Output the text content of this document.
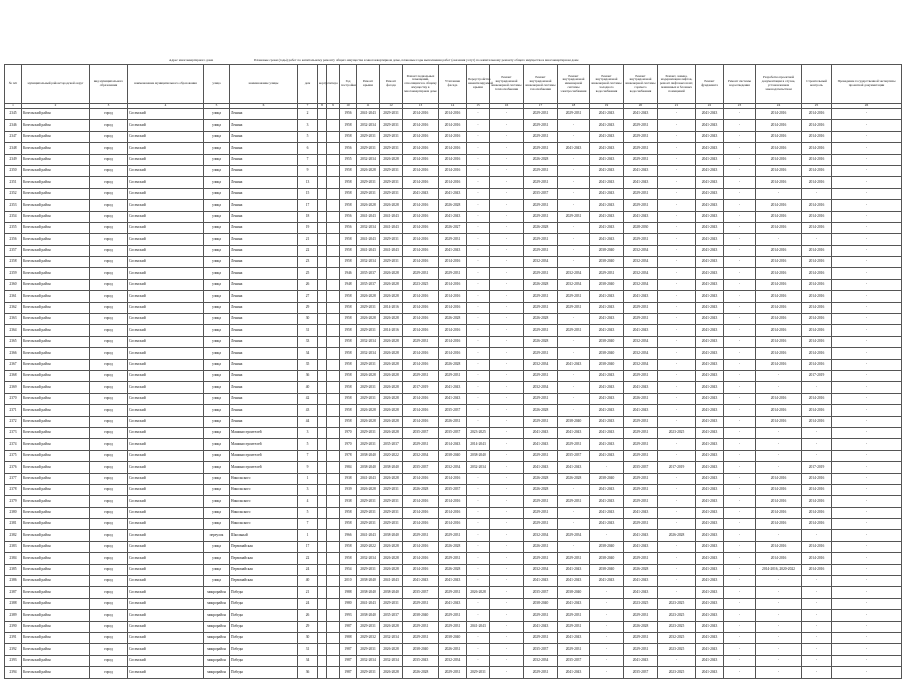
Адрес многоквартирного дома	Плановые сроки (годы) работ по капитальному ремонту общего имущества в многоквартирном доме, плановые годы выполнения работ (оказания услуг) по капитальному ремонту общего имущества в многоквартирном доме
№ п/п	муниципальный район/городской округ	вид муниципального образования	наименование муниципального образования	улица	наименование улицы	дом	корпус	литера	Год постройки	Ремонт крыши	Ремонт фасада	Ремонт подвальных помещений, относящихся к общему имуществу в многоквартирном доме	Утепление фасада	Переустройство невентилируемой крыши	Ремонт внутридомовой инженерной системы теплоснабжения	Ремонт внутридомовой инженерной системы газоснабжения	Ремонт внутридомовой инженерной системы электроснабжения	Ремонт внутридомовой инженерной системы холодного водоснабжения	Ремонт внутридомовой инженерной системы горячего водоснабжения	Ремонт, замена, модернизация лифтов, ремонт лифтовых шахт, машинных и блочных помещений	Ремонт фундамента	Ремонт системы водоотведения	Разработка проектной документации в случае, установленном законодательством	Строительный контроль	Проведение государственной экспертизы проектной документации
1	2	3	4	5	6	7	8	9	10	11	12	13	14	15	16	17	18	19	20	21	22	23	24	25	26
2345	Козельский район	город	Сосенский	улица	Ленина	2			1956	2041-2043	2029-2031	2014-2016	2014-2016	-	-	2029-2031	2029-2031	2041-2043	2041-2043	-	2041-2043	-	2014-2016	2014-2016	-
2346	Козельский район	город	Сосенский	улица	Ленина	3			1958	2032-2034	2029-2031	2014-2016	2014-2016	-	-	2029-2031	-	2041-2043	2029-2031	-	2041-2043	-	2014-2016	2014-2016	-
2347	Козельский район	город	Сосенский	улица	Ленина	5			1958	2029-2031	2029-2031	2014-2016	2014-2016	-	-	2029-2031	-	2041-2043	2029-2031	-	2041-2043	-	2014-2016	2014-2016	-
2348	Козельский район	город	Сосенский	улица	Ленина	6			1956	2029-2031	2029-2031	2014-2016	2014-2016	-	-	2029-2031	2041-2043	2041-2043	2029-2031	-	2041-2043	-	2014-2016	2014-2016	-
2349	Козельский район	город	Сосенский	улица	Ленина	7			1955	2032-2034	2026-2028	2014-2016	2014-2016	-	-	2026-2028	-	2041-2043	2029-2031	-	2041-2043	-	2014-2016	2014-2016	-
2350	Козельский район	город	Сосенский	улица	Ленина	9			1958	2026-2028	2029-2031	2014-2016	2014-2016	-	-	2029-2031	-	2041-2043	2041-2043	-	2041-2043	-	2014-2016	2014-2016	-
2351	Козельский район	город	Сосенский	улица	Ленина	13			1958	2029-2031	2029-2031	2014-2016	2014-2016	-	-	2029-2031	-	2041-2043	2041-2043	-	2041-2043	-	2014-2016	2014-2016	-
2352	Козельский район	город	Сосенский	улица	Ленина	15			1958	2029-2031	2029-2031	2041-2043	2041-2043	-	-	2035-2037	-	2041-2043	2029-2031	-	2041-2043	-	-	-	-
2353	Козельский район	город	Сосенский	улица	Ленина	17			1958	2026-2028	2026-2028	2014-2016	2026-2028	-	-	2029-2031	-	2041-2043	2029-2031	-	2041-2043	-	2014-2016	2014-2016	-
2354	Козельский район	город	Сосенский	улица	Ленина	18			1956	2041-2043	2041-2043	2014-2016	2041-2043	-	-	2029-2031	2029-2031	2041-2043	2041-2043	-	2041-2043	-	2014-2016	2014-2016	-
2355	Козельский район	город	Сосенский	улица	Ленина	19			1956	2032-2034	2041-2043	2014-2016	2026-2027	-	-	2026-2028	-	2041-2043	2028-2030	-	2041-2043	-	2014-2016	2014-2016	-
2356	Козельский район	город	Сосенский	улица	Ленина	21			1958	2041-2043	2029-2031	2014-2016	2029-2031	-	-	2029-2031	-	2041-2043	2029-2031	-	2041-2043	-	-	-	-
2357	Козельский район	город	Сосенский	улица	Ленина	22			1958	2041-2043	2041-2043	2014-2016	2041-2043	-	-	2029-2031	-	2038-2040	2032-2034	-	2041-2043	-	2014-2016	2014-2016	-
2358	Козельский район	город	Сосенский	улица	Ленина	23			1958	2032-2034	2029-2031	2014-2016	2014-2016	-	-	2032-2034	-	2038-2040	2032-2034	-	2041-2043	-	2014-2016	2014-2016	-
2359	Козельский район	город	Сосенский	улица	Ленина	25			1946	2035-2037	2026-2028	2029-2031	2029-2031	-	-	2029-2031	2032-2034	2029-2031	2032-2034	-	2041-2043	-	2014-2016	2014-2016	-
2360	Козельский район	город	Сосенский	улица	Ленина	26			1948	2035-2037	2026-2028	2023-2025	2014-2016	-	-	2026-2028	2032-2034	2038-2040	2032-2034	-	2041-2043	-	2014-2016	2014-2016	-
2361	Козельский район	город	Сосенский	улица	Ленина	27			1958	2026-2028	2026-2028	2014-2016	2014-2016	-	-	2029-2031	2029-2031	2041-2043	2041-2043	-	2041-2043	-	2014-2016	2014-2016	-
2362	Козельский район	город	Сосенский	улица	Ленина	29			1958	2029-2031	2014-2016	2014-2016	2014-2016	-	-	2029-2031	2029-2031	2041-2043	2029-2031	-	2041-2043	-	2014-2016	2014-2016	-
2363	Козельский район	город	Сосенский	улица	Ленина	30			1958	2026-2028	2026-2028	2014-2016	2026-2028	-	-	2026-2028	-	2041-2043	2029-2031	-	2041-2043	-	2014-2016	2014-2016	-
2364	Козельский район	город	Сосенский	улица	Ленина	31			1958	2029-2031	2014-2016	2014-2016	2014-2016	-	-	2029-2031	2029-2031	2041-2043	2041-2043	-	2041-2043	-	2014-2016	2014-2016	-
2365	Козельский район	город	Сосенский	улица	Ленина	33			1958	2032-2034	2026-2028	2029-2031	2014-2016	-	-	2026-2028	-	2038-2040	2032-2034	-	2041-2043	-	2014-2016	2014-2016	-
2366	Козельский район	город	Сосенский	улица	Ленина	34			1958	2032-2034	2026-2028	2014-2016	2014-2016	-	-	2029-2031	-	2038-2040	2032-2034	-	2041-2043	-	2014-2016	2014-2016	-
2367	Козельский район	город	Сосенский	улица	Ленина	35			1958	2029-2031	2026-2028	2014-2016	2026-2028	-	-	2032-2034	2041-2043	2038-2040	2032-2034	-	2041-2043	-	2014-2016	2014-2016	-
2368	Козельский район	город	Сосенский	улица	Ленина	36			1958	2026-2028	2026-2028	2029-2031	2029-2031	-	-	2029-2031	-	2041-2043	2029-2031	-	2041-2043	-	-	2017-2019	-
2369	Козельский район	город	Сосенский	улица	Ленина	40			1958	2029-2031	2026-2028	2017-2019	2041-2043	-	-	2032-2034	-	2041-2043	2041-2043	-	2041-2043	-	-	-	-
2370	Козельский район	город	Сосенский	улица	Ленина	42			1958	2029-2031	2026-2028	2014-2016	2041-2043	-	-	2029-2031	-	2041-2043	2026-2031	-	2041-2043	-	2014-2016	2014-2016	-
2371	Козельский район	город	Сосенский	улица	Ленина	43			1958	2026-2028	2026-2028	2014-2016	2035-2037	-	-	2026-2028	-	2041-2043	2041-2043	-	2041-2043	-	2014-2016	2014-2016	-
2372	Козельский район	город	Сосенский	улица	Ленина	44			1958	2026-2028	2026-2028	2014-2016	2026-2031	-	-	2029-2031	2038-2040	2041-2043	2029-2031	-	2041-2043	-	2014-2016	2014-2016	-
2373	Козельский район	город	Сосенский	улица	Машиностроителей	3			1970	2029-2031	2026-2028	2035-2037	2035-2037	2023-2025	-	2041-2043	2041-2043	2041-2043	2029-2031	2023-2025	2041-2043	-	-	-	-
2374	Козельский район	город	Сосенский	улица	Машиностроителей	5			1970	2029-2031	2035-2037	2029-2031	2014-2043	2014-2043	-	2041-2043	2029-2031	2041-2043	2029-2031	-	2041-2043	-	-	-	-
2375	Козельский район	город	Сосенский	улица	Машиностроителей	7			1978	2038-2040	2020-2022	2032-2034	2038-2040	2038-2040	-	2029-2031	2035-2037	2041-2043	2029-2031	-	2041-2043	-	-	-	-
2376	Козельский район	город	Сосенский	улица	Машиностроителей	9			1984	2038-2040	2038-2040	2035-2037	2032-2034	2032-2034	-	2041-2043	2041-2043	-	2035-2037	2017-2019	2041-2043	-	-	2017-2019	-
2377	Козельский район	город	Сосенский	улица	Никольского	1			1938	2041-2043	2026-2028	2014-2016	2014-2016	-	-	2026-2028	2026-2028	2038-2040	2029-2031	-	2041-2043	-	2014-2016	2014-2016	-
2378	Козельский район	город	Сосенский	улица	Никольского	3			1939	2026-2028	2029-2031	2026-2028	2035-2037	-	-	2026-2028	-	2041-2043	2029-2031	-	2041-2043	-	2014-2016	2014-2016	-
2379	Козельский район	город	Сосенский	улица	Никольского	4			1938	2029-2031	2029-2031	2014-2016	2014-2016	-	-	2029-2031	2029-2031	2041-2043	2029-2031	-	2041-2043	-	2014-2016	2014-2016	-
2380	Козельский район	город	Сосенский	улица	Никольского	5			1958	2029-2031	2029-2031	2014-2016	2014-2016	-	-	2029-2031	-	2041-2043	2041-2043	-	2041-2043	-	2014-2016	2014-2016	-
2381	Козельский район	город	Сосенский	улица	Никольского	7			1958	2029-2031	2029-2031	2014-2016	2014-2016	-	-	2029-2031	-	2041-2043	2029-2031	-	2041-2043	-	2014-2016	2014-2016	-
2382	Козельский район	город	Сосенский	переулок	Школьный	1			1966	2041-2043	2038-2040	2029-2031	2029-2031	-	-	2032-2034	2029-2034	-	2041-2043	2026-2028	2041-2043	-	-	-	-
2383	Козельский район	город	Сосенский	улица	Первомайская	17			1958	2020-2022	2026-2028	2014-2016	2026-2028	-	-	2026-2031	-	2038-2040	2041-2043	-	2041-2043	-	2014-2016	2014-2016	-
2384	Козельский район	город	Сосенский	улица	Первомайская	22			1958	2032-2034	2026-2028	2014-2016	2029-2031	-	-	2029-2031	2029-2031	2038-2040	2029-2031	-	2041-2043	-	2014-2016	2014-2016	-
2385	Козельский район	город	Сосенский	улица	Первомайская	24			1954	2029-2031	2026-2028	2014-2016	2026-2028	-	-	2032-2034	2041-2043	2038-2040	2026-2028	-	2041-2043	-	2014-2016, 2020-2022	2014-2016	-
2386	Козельский район	город	Сосенский	улица	Первомайская	40			2010	2038-2040	2041-2043	2041-2043	2041-2043	-	-	2041-2043	2041-2043	2041-2043	2041-2043	-	2041-2043	-	-	-	-
2387	Козельский район	город	Сосенский	микрорайон	Победы	21			1988	2038-2040	2038-2040	2035-2037	2029-2031	2026-2028	-	2035-2037	2038-2040	-	2041-2043	-	2041-2043	-	-	-	-
2388	Козельский район	город	Сосенский	микрорайон	Победы	24			1980	2041-2043	2029-2031	2029-2031	2041-2043	-	-	2038-2040	2041-2043	-	2023-2025	2023-2025	2041-2043	-	-	-	-
2389	Козельский район	город	Сосенский	микрорайон	Победы	26			1993	2038-2040	2035-2037	2038-2040	2029-2031	-	-	2029-2031	2029-2031	-	2029-2031	2023-2025	2041-2043	-	-	-	-
2390	Козельский район	город	Сосенский	микрорайон	Победы	29			1987	2029-2031	2026-2028	2029-2031	2029-2031	2041-2043	-	2041-2043	2029-2031	-	2026-2028	2023-2025	2041-2043	-	-	-	-
2391	Козельский район	город	Сосенский	микрорайон	Победы	30			1988	2029-2032	2032-2034	2029-2031	2038-2040	-	-	2029-2031	2041-2043	-	2029-2031	2032-2025	2041-2043	-	-	-	-
2392	Козельский район	город	Сосенский	микрорайон	Победы	31			1987	2029-2031	2026-2028	2038-2040	2026-2031	-	-	2035-2037	2029-2031	-	2029-2031	2023-2025	2041-2043	-	-	-	-
2393	Козельский район	город	Сосенский	микрорайон	Победы	34			1987	2032-2034	2032-2034	2035-2043	2032-2034	-	-	2032-2034	2035-2037	-	2041-2043	-	2041-2043	-	-	-	-
2394	Козельский район	город	Сосенский	микрорайон	Победы	36			1987	2029-2031	2026-2028	2026-2028	2029-2031	2029-2031	-	2029-2031	2041-2043	-	2035-2037	2023-2025	2041-2043	-	-	-	-
